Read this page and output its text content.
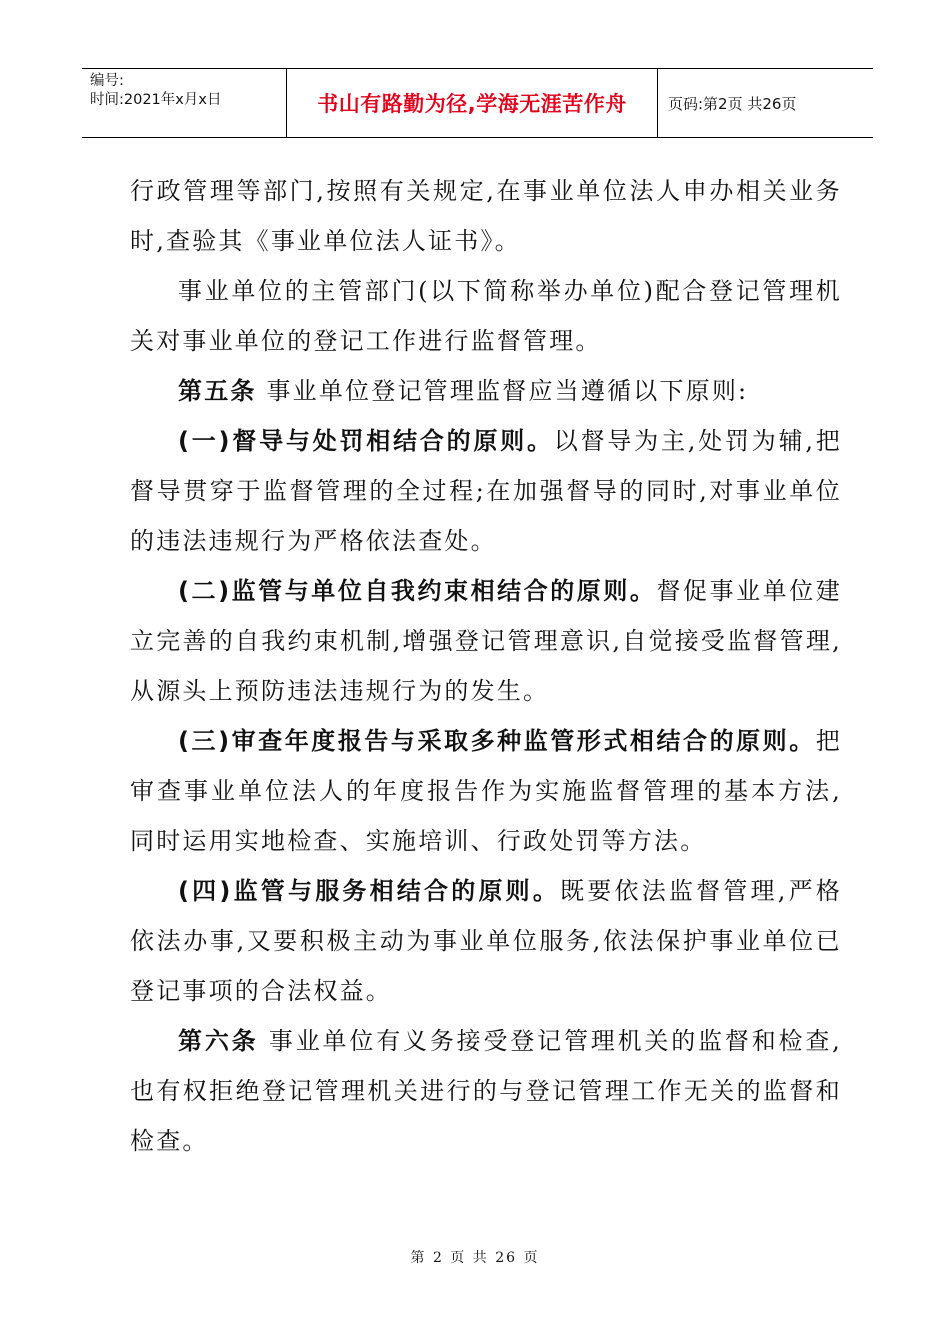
编号:
时间:2021年x月x日	书山有路勤为径,学海无涯苦作舟	页码:第2页 共26页

行政管理等部门,按照有关规定,在事业单位法人申办相关业务时,查验其《事业单位法人证书》。

事业单位的主管部门(以下简称举办单位)配合登记管理机关对事业单位的登记工作进行监督管理。

第五条 事业单位登记管理监督应当遵循以下原则:

(一)督导与处罚相结合的原则。以督导为主,处罚为辅,把督导贯穿于监督管理的全过程;在加强督导的同时,对事业单位的违法违规行为严格依法查处。

(二)监管与单位自我约束相结合的原则。督促事业单位建立完善的自我约束机制,增强登记管理意识,自觉接受监督管理,从源头上预防违法违规行为的发生。

(三)审查年度报告与采取多种监管形式相结合的原则。把审查事业单位法人的年度报告作为实施监督管理的基本方法,同时运用实地检查、实施培训、行政处罚等方法。

(四)监管与服务相结合的原则。既要依法监督管理,严格依法办事,又要积极主动为事业单位服务,依法保护事业单位已登记事项的合法权益。

第六条 事业单位有义务接受登记管理机关的监督和检查,也有权拒绝登记管理机关进行的与登记管理工作无关的监督和检查。

第 2 页 共 26 页
